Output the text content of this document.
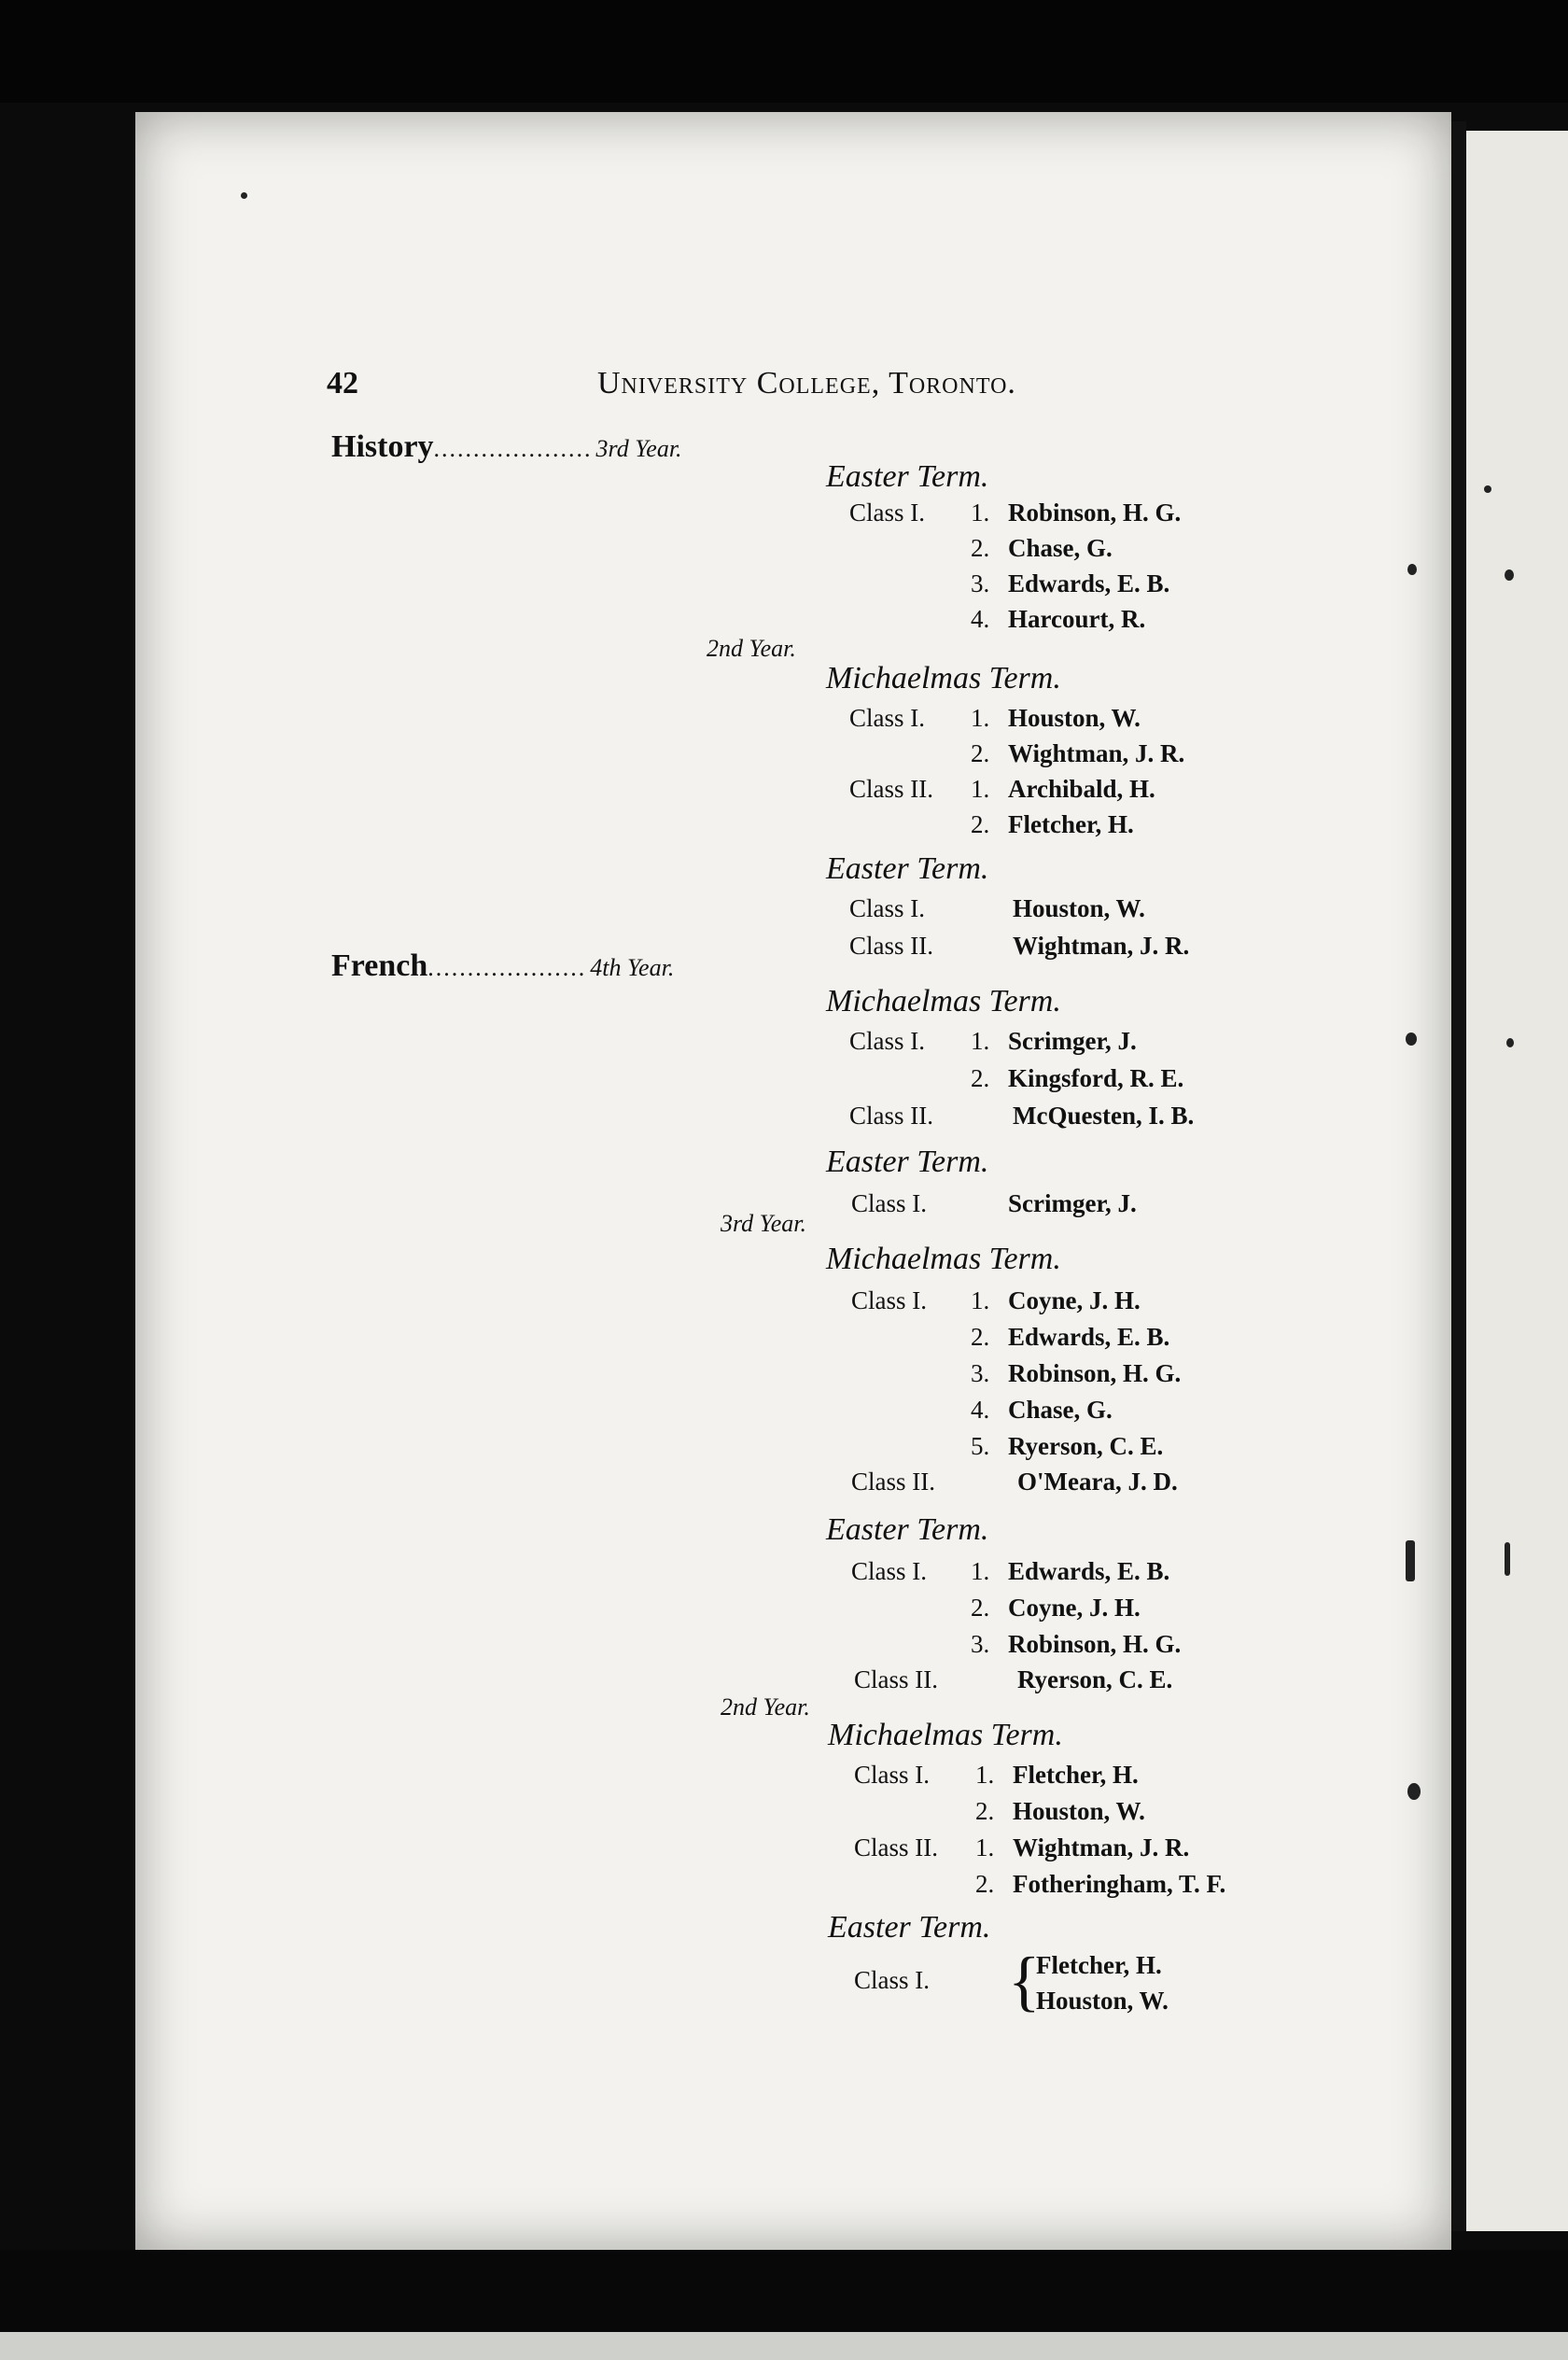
42	University College, Toronto.
History.................... 3rd Year.
Easter Term.
Class I. 1. Robinson, H. G.
2. Chase, G.
3. Edwards, E. B.
4. Harcourt, R.
2nd Year.
Michaelmas Term.
Class I. 1. Houston, W.
2. Wightman, J. R.
Class II. 1. Archibald, H.
2. Fletcher, H.
Easter Term.
Class I.	Houston, W.
Class II.	Wightman, J. R.
French.................... 4th Year.
Michaelmas Term.
Class I. 1. Scrimger, J.
2. Kingsford, R. E.
Class II.	McQuesten, I. B.
Easter Term.
Class I.	Scrimger, J.
3rd Year.
Michaelmas Term.
Class I. 1. Coyne, J. H.
2. Edwards, E. B.
3. Robinson, H. G.
4. Chase, G.
5. Ryerson, C. E.
Class II.	O'Meara, J. D.
Easter Term.
Class I. 1. Edwards, E. B.
2. Coyne, J. H.
3. Robinson, H. G.
Class II.	Ryerson, C. E.
2nd Year.
Michaelmas Term.
Class I. 1. Fletcher, H.
2. Houston, W.
Class II. 1. Wightman, J. R.
2. Fotheringham, T. F.
Easter Term.
Class I. {
Fletcher, H.
Houston, W.
